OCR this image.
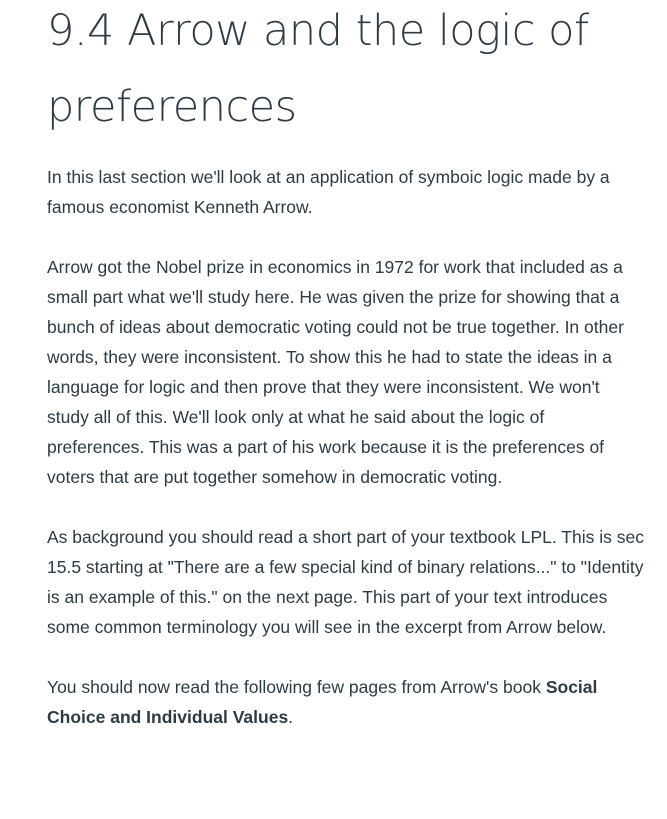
9.4 Arrow and the logic of preferences

In this last section we'll look at an application of symboic logic made by a famous economist Kenneth Arrow.

Arrow got the Nobel prize in economics in 1972 for work that included as a small part what we'll study here. He was given the prize for showing that a bunch of ideas about democratic voting could not be true together. In other words, they were inconsistent. To show this he had to state the ideas in a language for logic and then prove that they were inconsistent. We won't study all of this. We'll look only at what he said about the logic of preferences. This was a part of his work because it is the preferences of voters that are put together somehow in democratic voting.

As background you should read a short part of your textbook LPL. This is sec 15.5 starting at "There are a few special kind of binary relations..." to "Identity is an example of this." on the next page. This part of your text introduces some common terminology you will see in the excerpt from Arrow below.

You should now read the following few pages from Arrow's book Social Choice and Individual Values.
